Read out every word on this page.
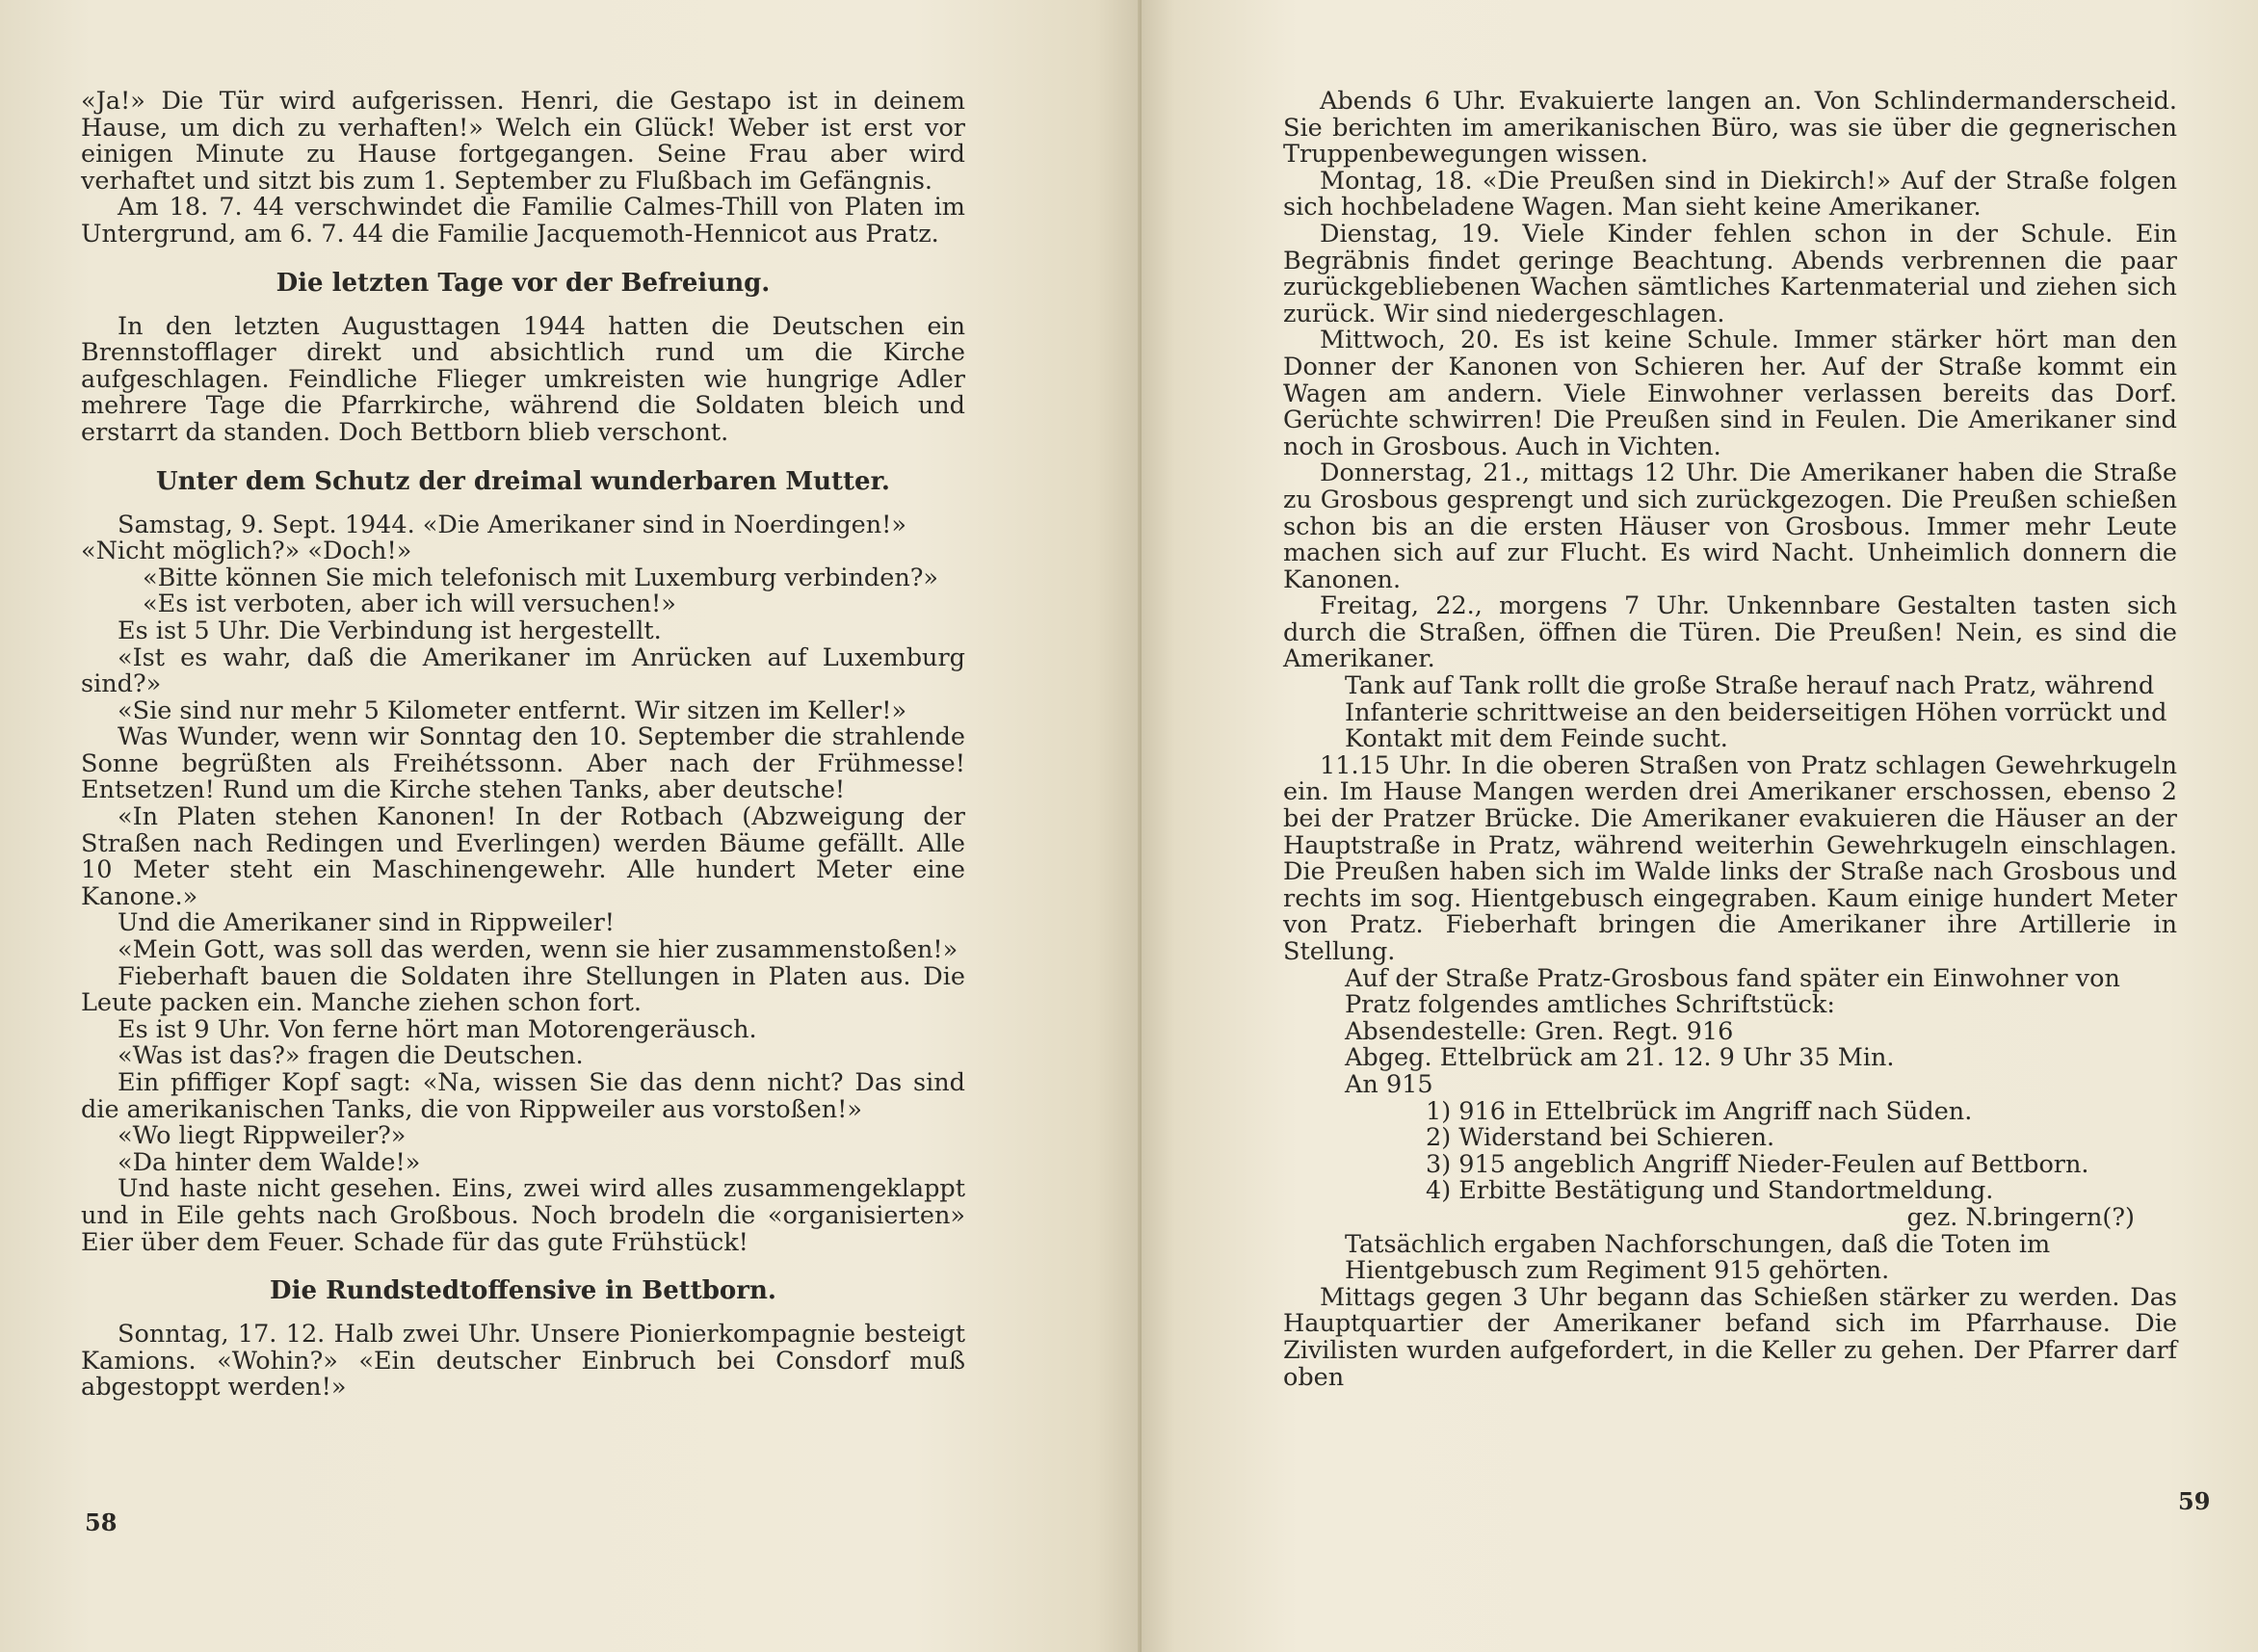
«Ja!» Die Tür wird aufgerissen. Henri, die Gestapo ist in deinem Hause, um dich zu verhaften!» Welch ein Glück! Weber ist erst vor einigen Minute zu Hause fortgegangen. Seine Frau aber wird verhaftet und sitzt bis zum 1. September zu Flußbach im Gefängnis.

Am 18. 7. 44 verschwindet die Familie Calmes-Thill von Platen im Untergrund, am 6. 7. 44 die Familie Jacquemoth-Hennicot aus Pratz.

Die letzten Tage vor der Befreiung.

In den letzten Augusttagen 1944 hatten die Deutschen ein Brennstofflager direkt und absichtlich rund um die Kirche aufgeschlagen. Feindliche Flieger umkreisten wie hungrige Adler mehrere Tage die Pfarrkirche, während die Soldaten bleich und erstarrt da standen. Doch Bettborn blieb verschont.

Unter dem Schutz der dreimal wunderbaren Mutter.

Samstag, 9. Sept. 1944. «Die Amerikaner sind in Noerdingen!»

«Nicht möglich?» «Doch!»

«Bitte können Sie mich telefonisch mit Luxemburg verbinden?»

«Es ist verboten, aber ich will versuchen!»

Es ist 5 Uhr. Die Verbindung ist hergestellt.

«Ist es wahr, daß die Amerikaner im Anrücken auf Luxemburg sind?»

«Sie sind nur mehr 5 Kilometer entfernt. Wir sitzen im Keller!»

Was Wunder, wenn wir Sonntag den 10. September die strahlende Sonne begrüßten als Freihétssonn. Aber nach der Frühmesse! Entsetzen! Rund um die Kirche stehen Tanks, aber deutsche!

«In Platen stehen Kanonen! In der Rotbach (Abzweigung der Straßen nach Redingen und Everlingen) werden Bäume gefällt. Alle 10 Meter steht ein Maschinengewehr. Alle hundert Meter eine Kanone.»

Und die Amerikaner sind in Rippweiler!

«Mein Gott, was soll das werden, wenn sie hier zusammenstoßen!»

Fieberhaft bauen die Soldaten ihre Stellungen in Platen aus. Die Leute packen ein. Manche ziehen schon fort.

Es ist 9 Uhr. Von ferne hört man Motorengeräusch.

«Was ist das?» fragen die Deutschen.

Ein pfiffiger Kopf sagt: «Na, wissen Sie das denn nicht? Das sind die amerikanischen Tanks, die von Rippweiler aus vorstoßen!»

«Wo liegt Rippweiler?»

«Da hinter dem Walde!»

Und haste nicht gesehen. Eins, zwei wird alles zusammengeklappt und in Eile gehts nach Großbous. Noch brodeln die «organisierten» Eier über dem Feuer. Schade für das gute Frühstück!

Die Rundstedtoffensive in Bettborn.

Sonntag, 17. 12. Halb zwei Uhr. Unsere Pionierkompagnie besteigt Kamions. «Wohin?» «Ein deutscher Einbruch bei Consdorf muß abgestoppt werden!»

58

Abends 6 Uhr. Evakuierte langen an. Von Schlindermanderscheid. Sie berichten im amerikanischen Büro, was sie über die gegnerischen Truppenbewegungen wissen.

Montag, 18. «Die Preußen sind in Diekirch!» Auf der Straße folgen sich hochbeladene Wagen. Man sieht keine Amerikaner.

Dienstag, 19. Viele Kinder fehlen schon in der Schule. Ein Begräbnis findet geringe Beachtung. Abends verbrennen die paar zurückgebliebenen Wachen sämtliches Kartenmaterial und ziehen sich zurück. Wir sind niedergeschlagen.

Mittwoch, 20. Es ist keine Schule. Immer stärker hört man den Donner der Kanonen von Schieren her. Auf der Straße kommt ein Wagen am andern. Viele Einwohner verlassen bereits das Dorf. Gerüchte schwirren! Die Preußen sind in Feulen. Die Amerikaner sind noch in Grosbous. Auch in Vichten.

Donnerstag, 21., mittags 12 Uhr. Die Amerikaner haben die Straße zu Grosbous gesprengt und sich zurückgezogen. Die Preußen schießen schon bis an die ersten Häuser von Grosbous. Immer mehr Leute machen sich auf zur Flucht. Es wird Nacht. Unheimlich donnern die Kanonen.

Freitag, 22., morgens 7 Uhr. Unkennbare Gestalten tasten sich durch die Straßen, öffnen die Türen. Die Preußen! Nein, es sind die Amerikaner.

Tank auf Tank rollt die große Straße herauf nach Pratz, während Infanterie schrittweise an den beiderseitigen Höhen vorrückt und Kontakt mit dem Feinde sucht.

11.15 Uhr. In die oberen Straßen von Pratz schlagen Gewehrkugeln ein. Im Hause Mangen werden drei Amerikaner erschossen, ebenso 2 bei der Pratzer Brücke. Die Amerikaner evakuieren die Häuser an der Hauptstraße in Pratz, während weiterhin Gewehrkugeln einschlagen. Die Preußen haben sich im Walde links der Straße nach Grosbous und rechts im sog. Hientgebusch eingegraben. Kaum einige hundert Meter von Pratz. Fieberhaft bringen die Amerikaner ihre Artillerie in Stellung.

Auf der Straße Pratz-Grosbous fand später ein Einwohner von Pratz folgendes amtliches Schriftstück:

Absendestelle: Gren. Regt. 916

Abgeg. Ettelbrück am 21. 12. 9 Uhr 35 Min.

An 915

1) 916 in Ettelbrück im Angriff nach Süden.

2) Widerstand bei Schieren.

3) 915 angeblich Angriff Nieder-Feulen auf Bettborn.

4) Erbitte Bestätigung und Standortmeldung.

gez. N.bringern(?)

Tatsächlich ergaben Nachforschungen, daß die Toten im Hientgebusch zum Regiment 915 gehörten.

Mittags gegen 3 Uhr begann das Schießen stärker zu werden. Das Hauptquartier der Amerikaner befand sich im Pfarrhause. Die Zivilisten wurden aufgefordert, in die Keller zu gehen. Der Pfarrer darf oben

59
